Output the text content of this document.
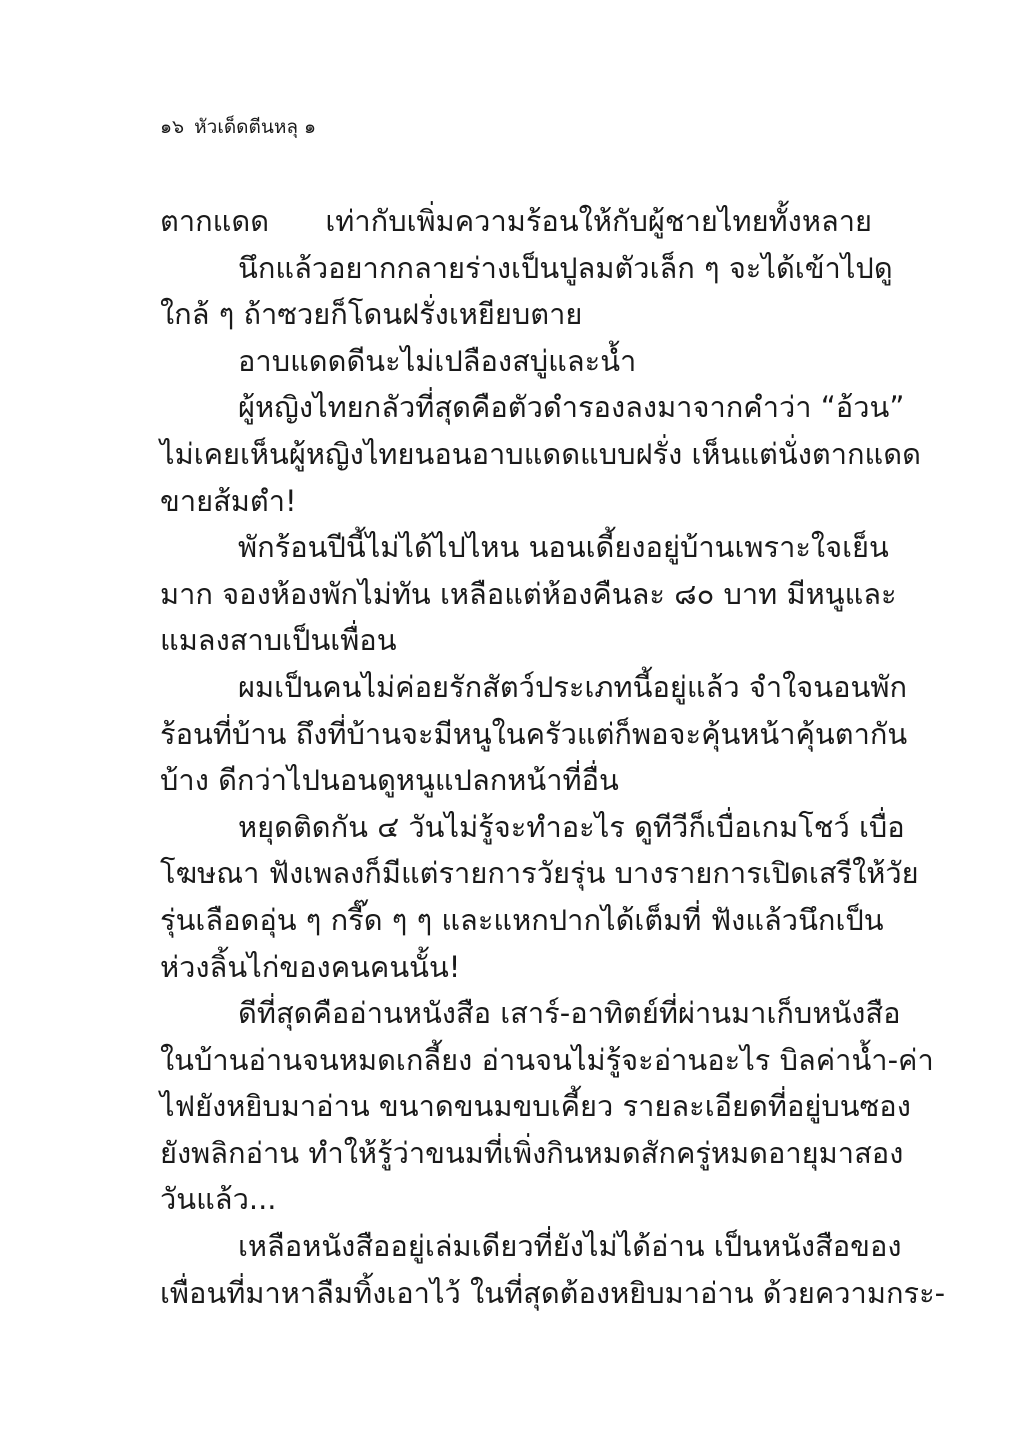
๑๖ หัวเด็ดตีนหลุ ๑
ตากแดด เท่ากับเพิ่มความร้อนให้กับผู้ชายไทยทั้งหลาย
นึกแล้วอยากกลายร่างเป็นปูลมตัวเล็ก ๆ จะได้เข้าไปดู
ใกล้ ๆ ถ้าซวยก็โดนฝรั่งเหยียบตาย
อาบแดดดีนะไม่เปลืองสบู่และน้ำ
ผู้หญิงไทยกลัวที่สุดคือตัวดำรองลงมาจากคำว่า “อ้วน”
ไม่เคยเห็นผู้หญิงไทยนอนอาบแดดแบบฝรั่ง เห็นแต่นั่งตากแดด
ขายส้มตำ!
พักร้อนปีนี้ไม่ได้ไปไหน นอนเดี้ยงอยู่บ้านเพราะใจเย็น
มาก จองห้องพักไม่ทัน เหลือแต่ห้องคืนละ ๘๐ บาท มีหนูและ
แมลงสาบเป็นเพื่อน
ผมเป็นคนไม่ค่อยรักสัตว์ประเภทนี้อยู่แล้ว จำใจนอนพัก
ร้อนที่บ้าน ถึงที่บ้านจะมีหนูในครัวแต่ก็พอจะคุ้นหน้าคุ้นตากัน
บ้าง ดีกว่าไปนอนดูหนูแปลกหน้าที่อื่น
หยุดติดกัน ๔ วันไม่รู้จะทำอะไร ดูทีวีก็เบื่อเกมโชว์ เบื่อ
โฆษณา ฟังเพลงก็มีแต่รายการวัยรุ่น บางรายการเปิดเสรีให้วัย
รุ่นเลือดอุ่น ๆ กรี๊ด ๆ ๆ และแหกปากได้เต็มที่ ฟังแล้วนึกเป็น
ห่วงลิ้นไก่ของคนคนนั้น!
ดีที่สุดคืออ่านหนังสือ เสาร์-อาทิตย์ที่ผ่านมาเก็บหนังสือ
ในบ้านอ่านจนหมดเกลี้ยง อ่านจนไม่รู้จะอ่านอะไร บิลค่าน้ำ-ค่า
ไฟยังหยิบมาอ่าน ขนาดขนมขบเคี้ยว รายละเอียดที่อยู่บนซอง
ยังพลิกอ่าน ทำให้รู้ว่าขนมที่เพิ่งกินหมดสักครู่หมดอายุมาสอง
วันแล้ว...
เหลือหนังสืออยู่เล่มเดียวที่ยังไม่ได้อ่าน เป็นหนังสือของ
เพื่อนที่มาหาลืมทิ้งเอาไว้ ในที่สุดต้องหยิบมาอ่าน ด้วยความกระ-
